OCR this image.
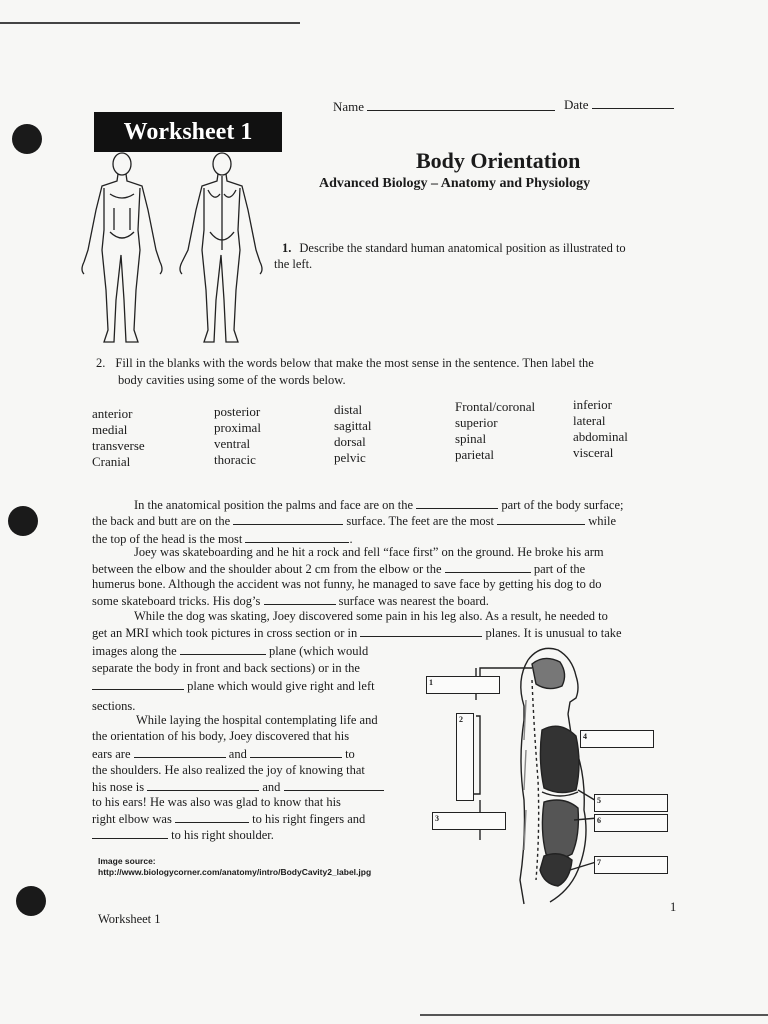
Name	Date
Worksheet 1
Body Orientation
Advanced Biology – Anatomy and Physiology
1. Describe the standard human anatomical position as illustrated to
the left.
2. Fill in the blanks with the words below that make the most sense in the sentence. Then label the
body cavities using some of the words below.
anterior
medial
transverse
Cranial
posterior
proximal
ventral
thoracic
distal
sagittal
dorsal
pelvic
Frontal/coronal
superior
spinal
parietal
inferior
lateral
abdominal
visceral
In the anatomical position the palms and face are on the	part of the body surface;
the back and butt are on the	surface. The feet are the most	while
the top of the head is the most	.
Joey was skateboarding and he hit a rock and fell “face first” on the ground. He broke his arm
between the elbow and the shoulder about 2 cm from the elbow or the	part of the
humerus bone. Although the accident was not funny, he managed to save face by getting his dog to do
some skateboard tricks. His dog’s	surface was nearest the board.
While the dog was skating, Joey discovered some pain in his leg also. As a result, he needed to
get an MRI which took pictures in cross section or in	planes. It is unusual to take
images along the	plane (which would
separate the body in front and back sections) or in the
plane which would give right and left
sections.
While laying the hospital contemplating life and
the orientation of his body, Joey discovered that his
ears are	and	to
the shoulders. He also realized the joy of knowing that
his nose is	and
to his ears! He was also was glad to know that his
right elbow was	to his right fingers and
to his right shoulder.
Image source:
http://www.biologycorner.com/anatomy/intro/BodyCavity2_label.jpg
1
2
3
4
5
6
7
Worksheet 1
1
